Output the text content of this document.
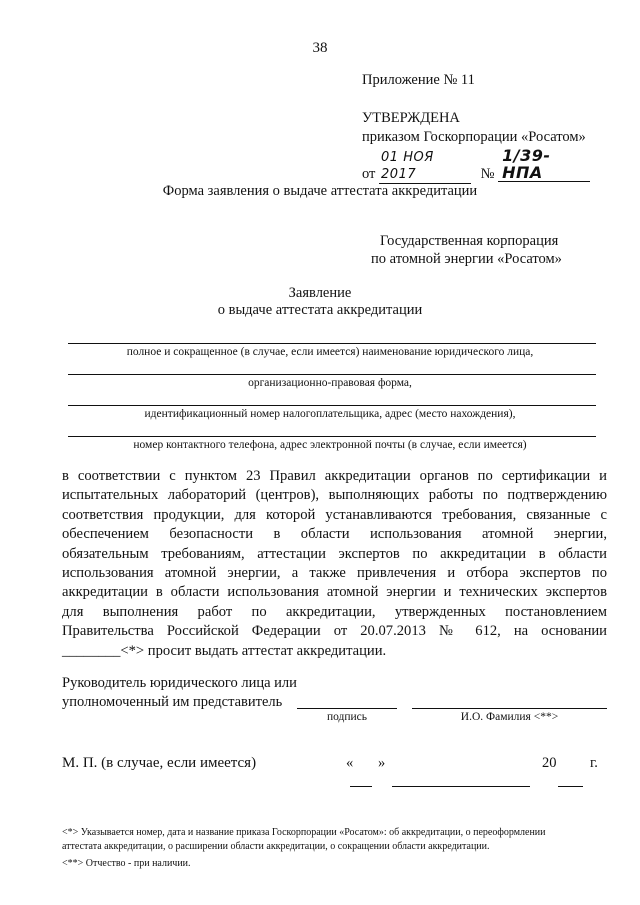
38
Приложение № 11
УТВЕРЖДЕНА
приказом Госкорпорации «Росатом»
от 01 НОЯ 2017	№ 1/39-НПА
Форма заявления о выдаче аттестата аккредитации
Государственная корпорация
по атомной энергии «Росатом»
Заявление
о выдаче аттестата аккредитации
полное и сокращенное (в случае, если имеется) наименование юридического лица,
организационно-правовая форма,
идентификационный номер налогоплательщика, адрес (место нахождения),
номер контактного телефона, адрес электронной почты (в случае, если имеется)
в соответствии с пунктом 23 Правил аккредитации органов по сертификации и
испытательных лабораторий (центров), выполняющих работы по подтверждению
соответствия продукции, для которой устанавливаются требования, связанные с
обеспечением безопасности в области использования атомной энергии,
обязательным требованиям, аттестации экспертов по аккредитации в области
использования атомной энергии, а также привлечения и отбора экспертов по
аккредитации в области использования атомной энергии и технических экспертов
для выполнения работ по аккредитации, утвержденных постановлением
Правительства Российской Федерации от 20.07.2013 № 612, на основании
________<*> просит выдать аттестат аккредитации.
Руководитель юридического лица или
уполномоченный им представитель
подпись	И.О. Фамилия <**>
М. П. (в случае, если имеется)	« »	20 г.
<*> Указывается номер, дата и название приказа Госкорпорации «Росатом»: об аккредитации, о переоформлении
аттестата аккредитации, о расширении области аккредитации, о сокращении области аккредитации.
<**> Отчество - при наличии.
